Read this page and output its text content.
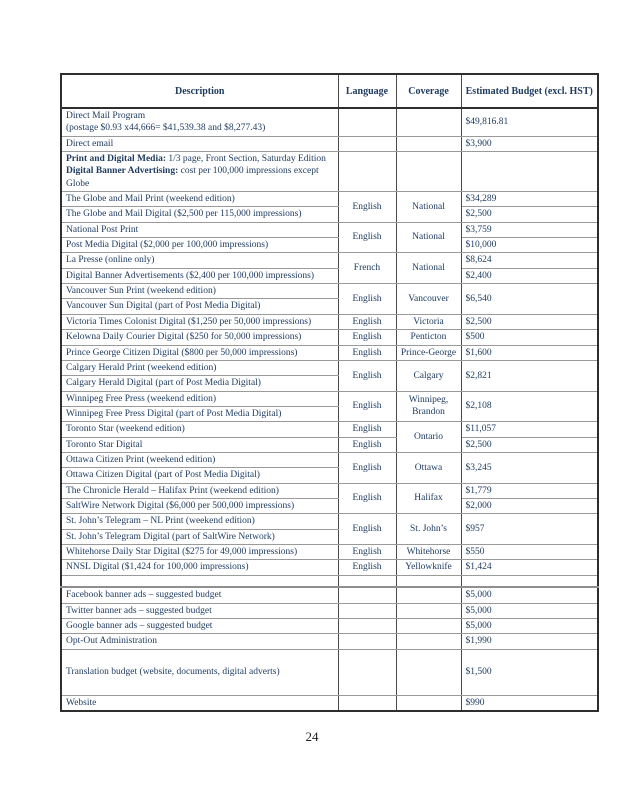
Description	Language	Coverage	Estimated Budget (excl. HST)

Direct Mail Program
(postage $0.93 x44,666= $41,539.38 and $8,277.43)			$49,816.81
Direct email			$3,900

Print and Digital Media: 1/3 page, Front Section, Saturday Edition
Digital Banner Advertising: cost per 100,000 impressions except Globe			

The Globe and Mail Print (weekend edition)	English	National	$34,289
The Globe and Mail Digital ($2,500 per 115,000 impressions)			$2,500
National Post Print	English	National	$3,759
Post Media Digital ($2,000 per 100,000 impressions)			$10,000
La Presse (online only)	French	National	$8,624
Digital Banner Advertisements ($2,400 per 100,000 impressions)			$2,400
Vancouver Sun Print (weekend edition)	English	Vancouver	$6,540
Vancouver Sun Digital (part of Post Media Digital)			
Victoria Times Colonist Digital ($1,250 per 50,000 impressions)	English	Victoria	$2,500
Kelowna Daily Courier Digital ($250 for 50,000 impressions)	English	Penticton	$500
Prince George Citizen Digital ($800 per 50,000 impressions)	English	Prince-George	$1,600
Calgary Herald Print (weekend edition)	English	Calgary	$2,821
Calgary Herald Digital (part of Post Media Digital)			
Winnipeg Free Press (weekend edition)	English	Winnipeg, Brandon	$2,108
Winnipeg Free Press Digital (part of Post Media Digital)			
Toronto Star (weekend edition)	English	Ontario	$11,057
Toronto Star Digital	English		$2,500
Ottawa Citizen Print (weekend edition)	English	Ottawa	$3,245
Ottawa Citizen Digital (part of Post Media Digital)			
The Chronicle Herald – Halifax Print (weekend edition)	English	Halifax	$1,779
SaltWire Network Digital ($6,000 per 500,000 impressions)			$2,000
St. John’s Telegram – NL Print (weekend edition)	English	St. John’s	$957
St. John’s Telegram Digital (part of SaltWire Network)			
Whitehorse Daily Star Digital ($275 for 49,000 impressions)	English	Whitehorse	$550
NNSL Digital ($1,424 for 100,000 impressions)	English	Yellowknife	$1,424

Facebook banner ads – suggested budget			$5,000
Twitter banner ads – suggested budget			$5,000
Google banner ads – suggested budget			$5,000
Opt-Out Administration			$1,990
Translation budget (website, documents, digital adverts)			$1,500
Website			$990
24
